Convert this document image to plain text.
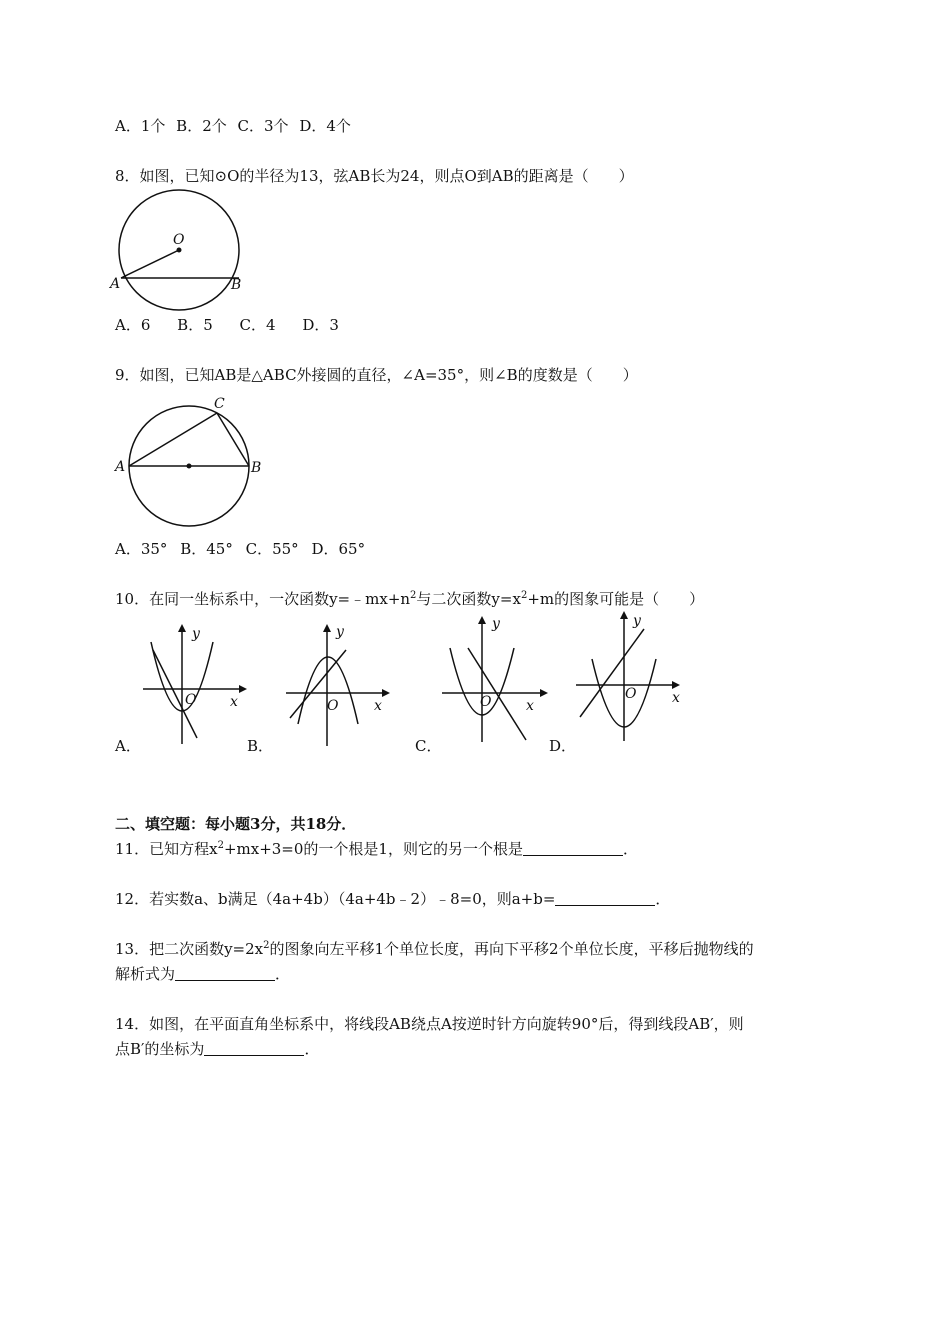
A．1个 B．2个 C．3个 D．4个
8．如图，已知⊙O的半径为13，弦AB长为24，则点O到AB的距离是（　　）
O
A	B
A．6 B．5 C．4 D．3
9．如图，已知AB是△ABC外接圆的直径，∠A=35°，则∠B的度数是（　　）
A	B
C
A．35° B．45° C．55° D．65°
10．在同一坐标系中，一次函数$y=﹣mx+n^2$与二次函数$y=x^2+m$的图象可能是（　　）
y
x
O
y
x
O
y
x
O
y
x
O
A．	B．	C．	D．
二、填空题：每小题3分，共18分．
11．已知方程$x^2+mx+3=0$的一个根是1，则它的另一个根是	．
12．若实数a、b满足（4a+4b）（4a+4b﹣2）﹣8=0，则a+b=	．
13．把二次函数$y=2x^2$的图象向左平移1个单位长度，再向下平移2个单位长度，平移后抛物线的
解析式为	．
14．如图，在平面直角坐标系中，将线段AB绕点A按逆时针方向旋转90°后，得到线段AB′，则
点B′的坐标为	．
